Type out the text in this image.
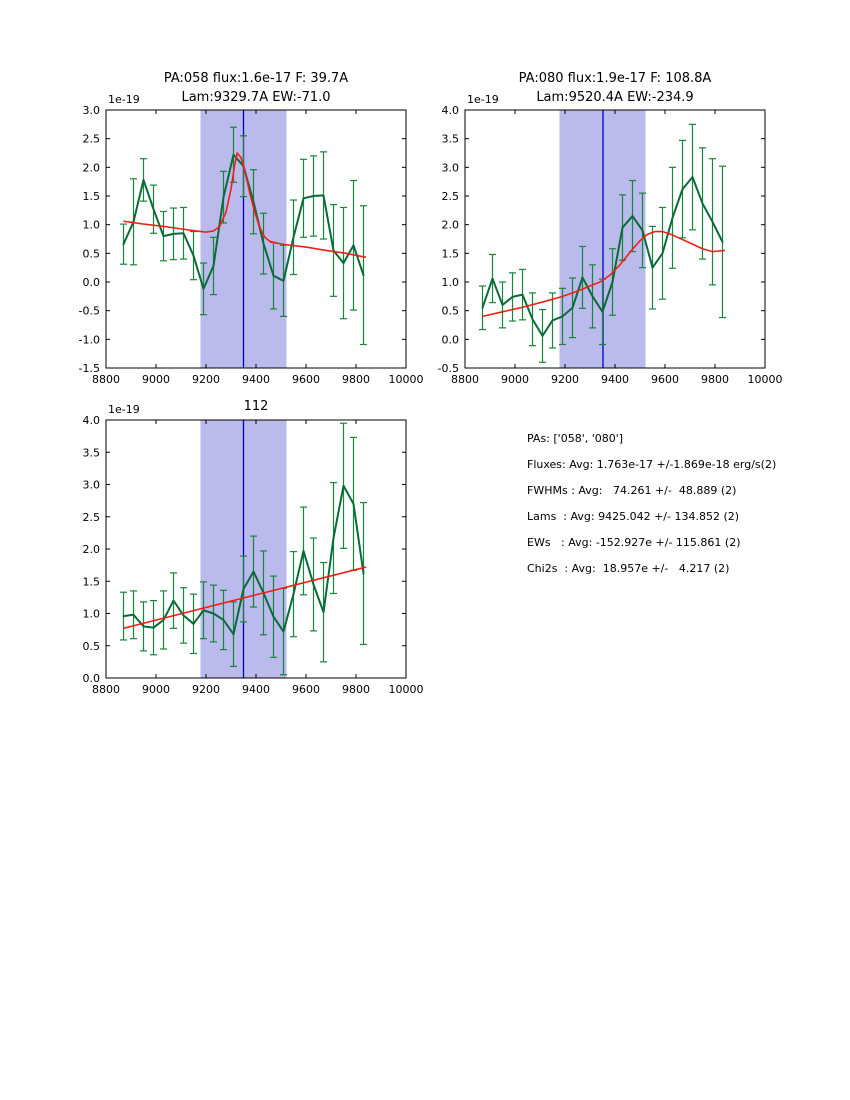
8800 9000 9200 9400 9600 9800 10000
-1.5
-1.0
-0.5
0.0
0.5
1.0
1.5
2.0
2.5
3.0
8800 9000 9200 9400 9600 9800 10000
-0.5
0.0
0.5
1.0
1.5
2.0
2.5
3.0
3.5
4.0
8800 9000 9200 9400 9600 9800 10000
0.0
0.5
1.0
1.5
2.0
2.5
3.0
3.5
4.0
PA:058 flux:1.6e-17 F: 39.7A
Lam:9329.7A EW:-71.0
PA:080 flux:1.9e-17 F: 108.8A
Lam:9520.4A EW:-234.9
112
1e-19	1e-19
1e-19
PAs: ['058', '080']
Fluxes: Avg: 1.763e-17 +/-1.869e-18 erg/s(2)
FWHMs : Avg:   74.261 +/-  48.889 (2)
Lams  : Avg: 9425.042 +/- 134.852 (2)
EWs   : Avg: -152.927e +/- 115.861 (2)
Chi2s  : Avg:  18.957e +/-   4.217 (2)
